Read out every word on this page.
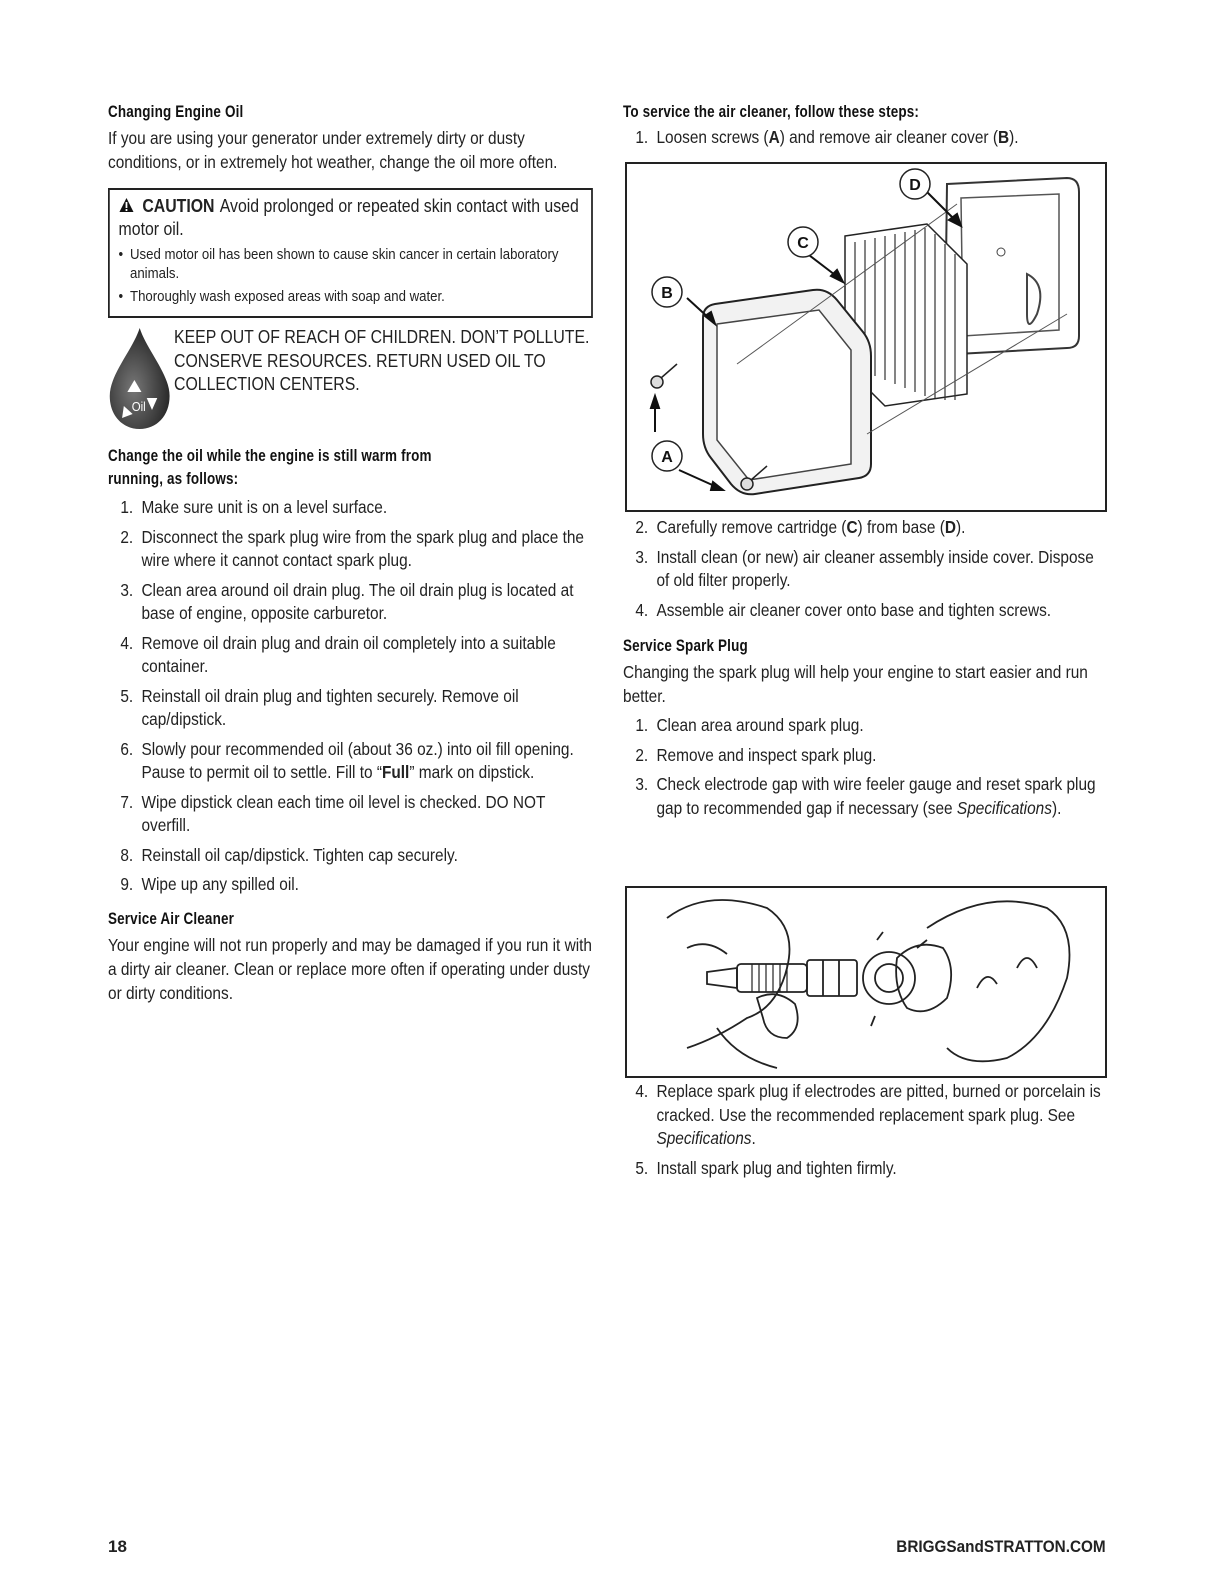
Changing Engine Oil

If you are using your generator under extremely dirty or dusty conditions, or in extremely hot weather, change the oil more often.

CAUTION Avoid prolonged or repeated skin contact with used motor oil.
• Used motor oil has been shown to cause skin cancer in certain laboratory animals.
• Thoroughly wash exposed areas with soap and water.
Oil
KEEP OUT OF REACH OF CHILDREN. DON’T POLLUTE. CONSERVE RESOURCES. RETURN USED OIL TO COLLECTION CENTERS.
Change the oil while the engine is still warm from
running, as follows:
1. Make sure unit is on a level surface.
2. Disconnect the spark plug wire from the spark plug and place the wire where it cannot contact spark plug.
3. Clean area around oil drain plug. The oil drain plug is located at base of engine, opposite carburetor.
4. Remove oil drain plug and drain oil completely into a suitable container.
5. Reinstall oil drain plug and tighten securely. Remove oil cap/dipstick.
6. Slowly pour recommended oil (about 36 oz.) into oil fill opening. Pause to permit oil to settle. Fill to “Full” mark on dipstick.
7. Wipe dipstick clean each time oil level is checked. DO NOT overfill.
8. Reinstall oil cap/dipstick. Tighten cap securely.
9. Wipe up any spilled oil.
Service Air Cleaner

Your engine will not run properly and may be damaged if you run it with a dirty air cleaner. Clean or replace more often if operating under dusty or dirty conditions.

To service the air cleaner, follow these steps:
1. Loosen screws (A) and remove air cleaner cover (B).
A
B
C
D
2. Carefully remove cartridge (C) from base (D).
3. Install clean (or new) air cleaner assembly inside cover. Dispose of old filter properly.
4. Assemble air cleaner cover onto base and tighten screws.
Service Spark Plug

Changing the spark plug will help your engine to start easier and run better.

1. Clean area around spark plug.
2. Remove and inspect spark plug.
3. Check electrode gap with wire feeler gauge and reset spark plug gap to recommended gap if necessary (see Specifications).
4. Replace spark plug if electrodes are pitted, burned or porcelain is cracked. Use the recommended replacement spark plug. See Specifications.
5. Install spark plug and tighten firmly.
18	BRIGGSandSTRATTON.COM
